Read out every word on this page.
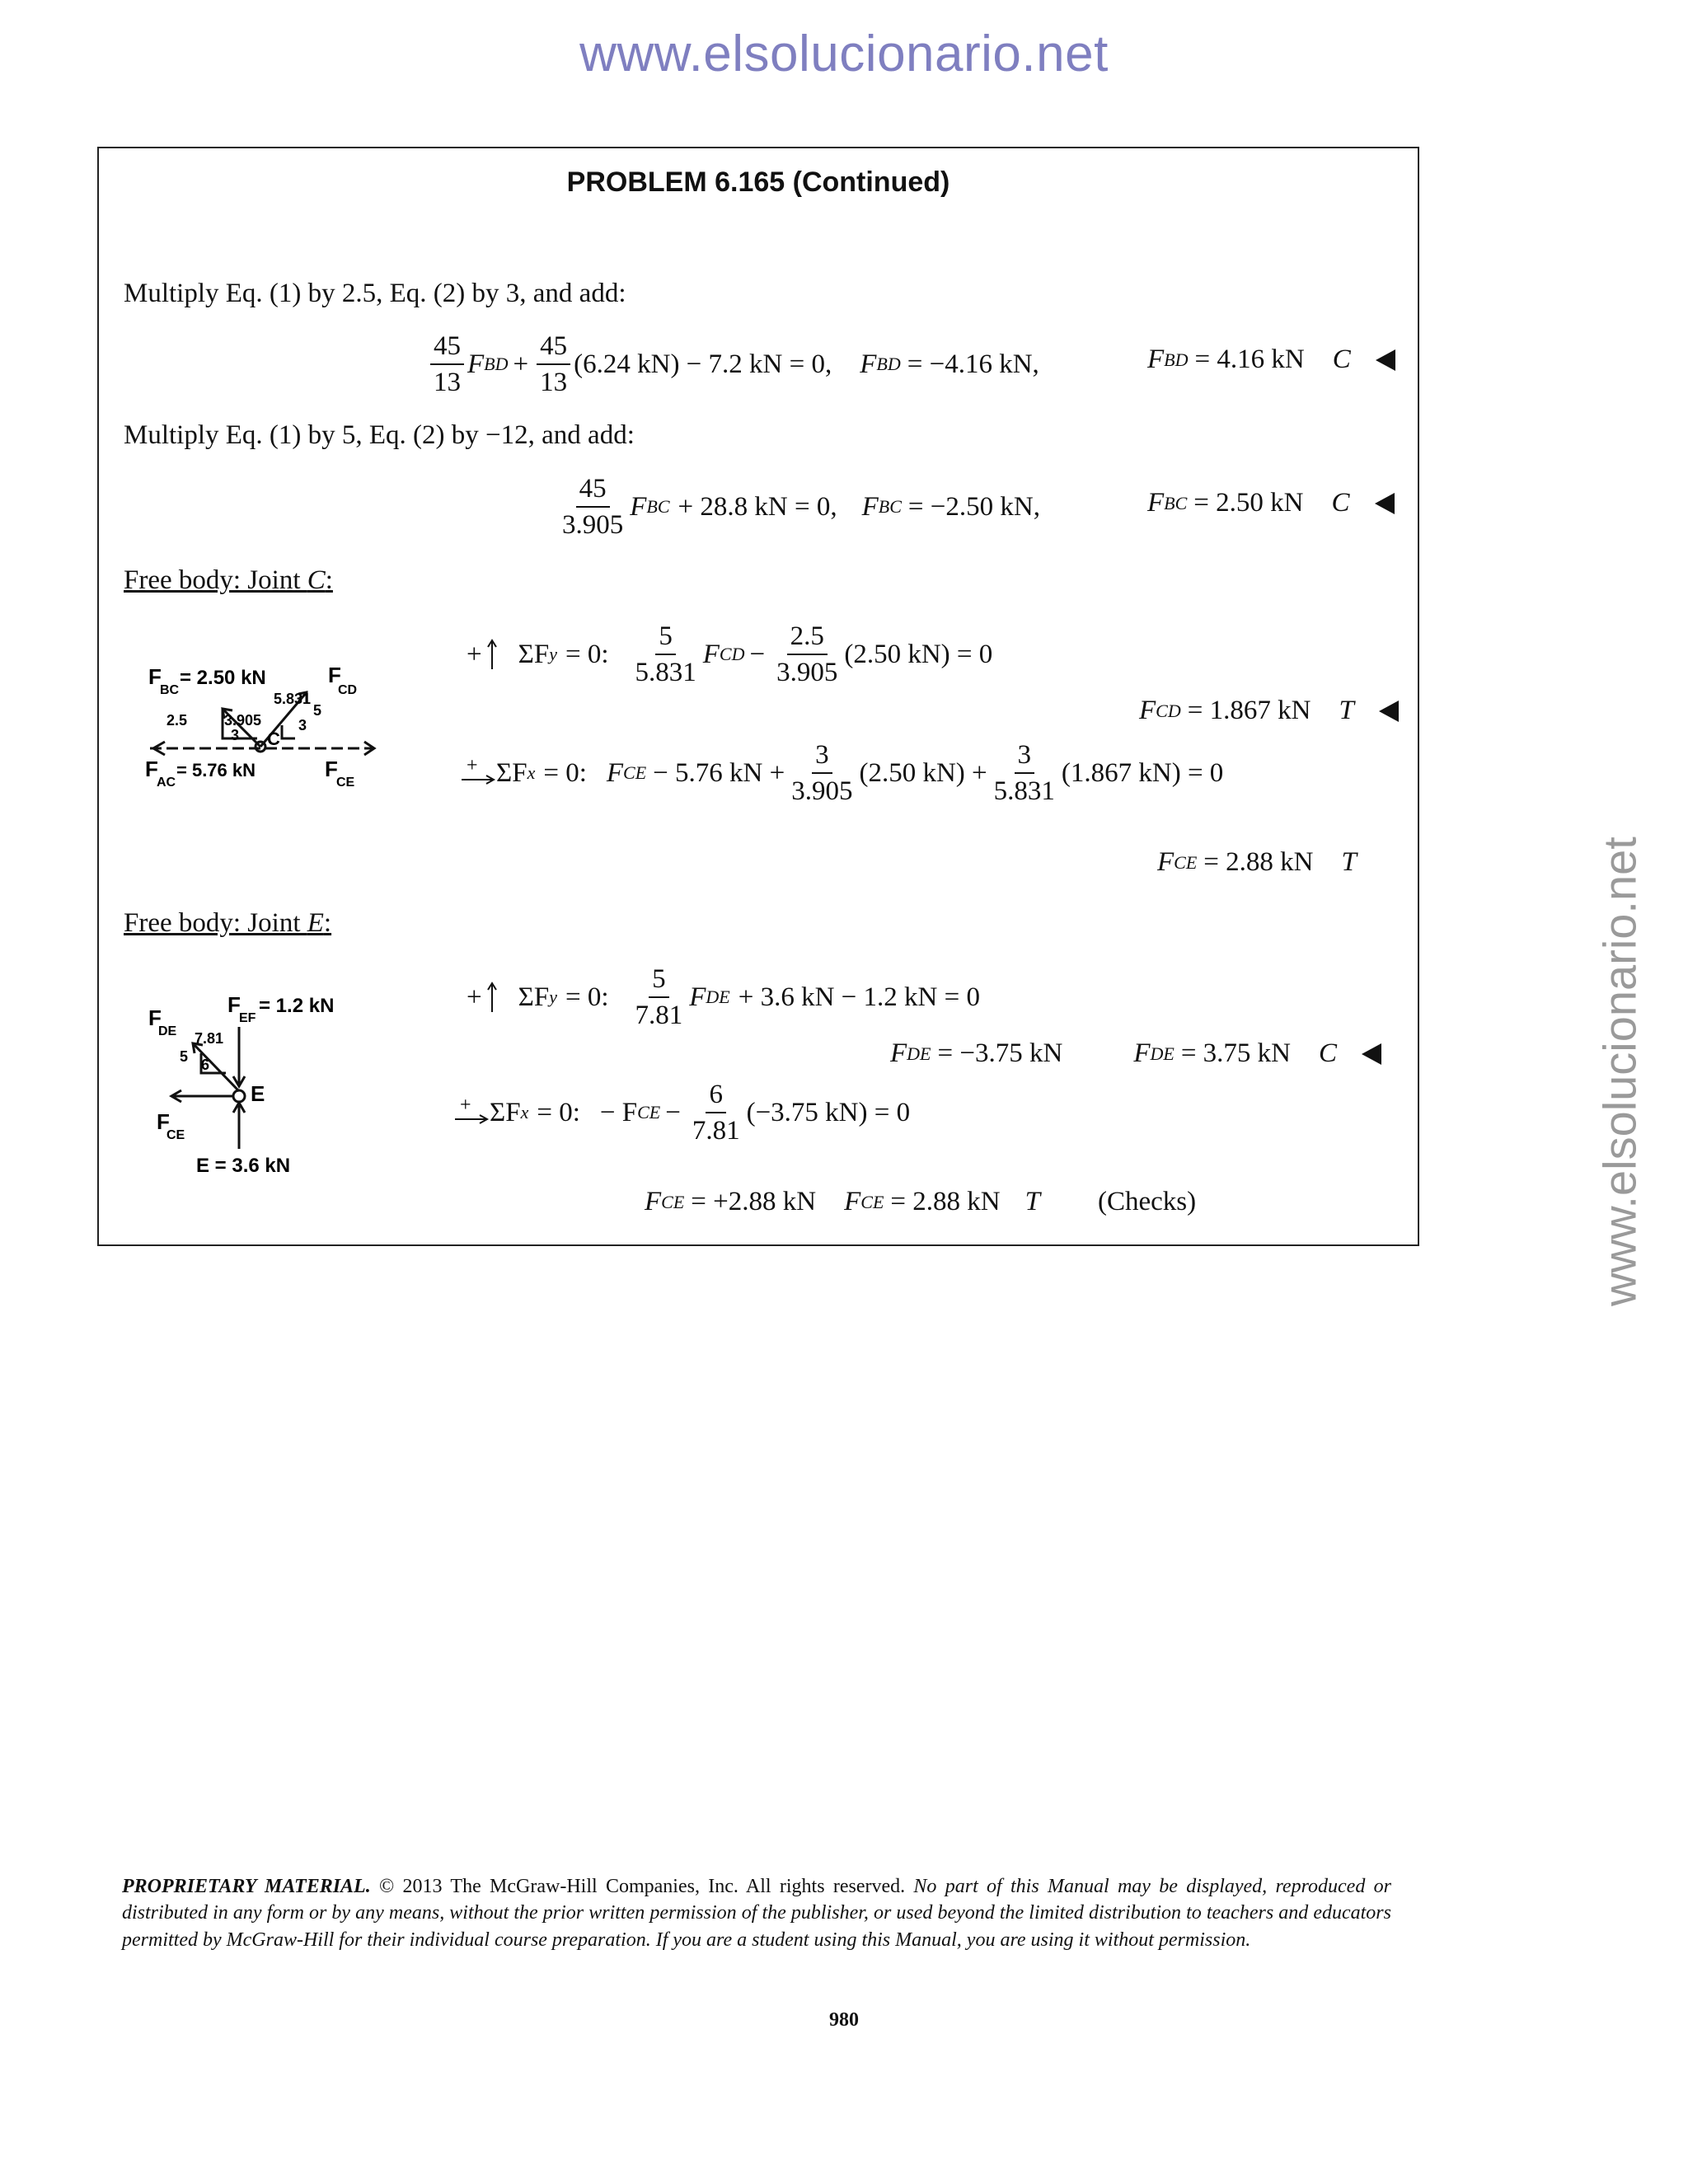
www.elsolucionario.net
www.elsolucionario.net
PROBLEM 6.165 (Continued)
Multiply Eq. (1) by 2.5, Eq. (2) by 3, and add:
$\frac{45}{13}$ F BD + $\frac{45}{13} (6.24$ kN) − 7.2 kN = 0, F BD = −4.16 kN,	F BD = 4.16 kN C
Multiply Eq. (1) by 5, Eq. (2) by −12, and add:
$\frac{45}{3.905}$ F BC + 28.8 kN = 0, F BC = −2.50 kN,	F BC = 2.50 kN C
Free body: Joint C:
F
BC
= 2.50 kN	F
CD
5.831
2.5 3.905
5
3
3
C
F
AC
= 5.76 kN	F
CE
+ ΣF y = 0: $\frac{5}{5.831}$ F CD − $\frac{2.5}{3.905} (2.50$ kN) = 0
F CD = 1.867 kN T
+ ΣF x = 0: F CE − 5.76 kN + $\frac{3}{3.905} (2.50$ $kN) + \frac{3}{5.831} (1.867$ kN) = 0
F CE = 2.88 kN T
Free body: Joint E:
F
DE
F
EF
= 1.2 kN
7.81
5 6
E
F
CE
E = 3.6 kN
+ ΣF y = 0: $\frac{5}{7.81}$ F DE + 3.6 kN − 1.2 kN = 0
F DE = −3.75 kN	F DE = 3.75 kN C
+ ΣF x = 0: − F CE − $\frac{6}{7.81} (-3.75$ kN) = 0
F CE = +2.88 kN F CE = 2.88 kN T (Checks)
PROPRIETARY MATERIAL. © 2013 The McGraw-Hill Companies, Inc. All rights reserved. No part of this Manual may be displayed, reproduced or distributed in any form or by any means, without the prior written permission of the publisher, or used beyond the limited distribution to teachers and educators permitted by McGraw-Hill for their individual course preparation. If you are a student using this Manual, you are using it without permission.
980
